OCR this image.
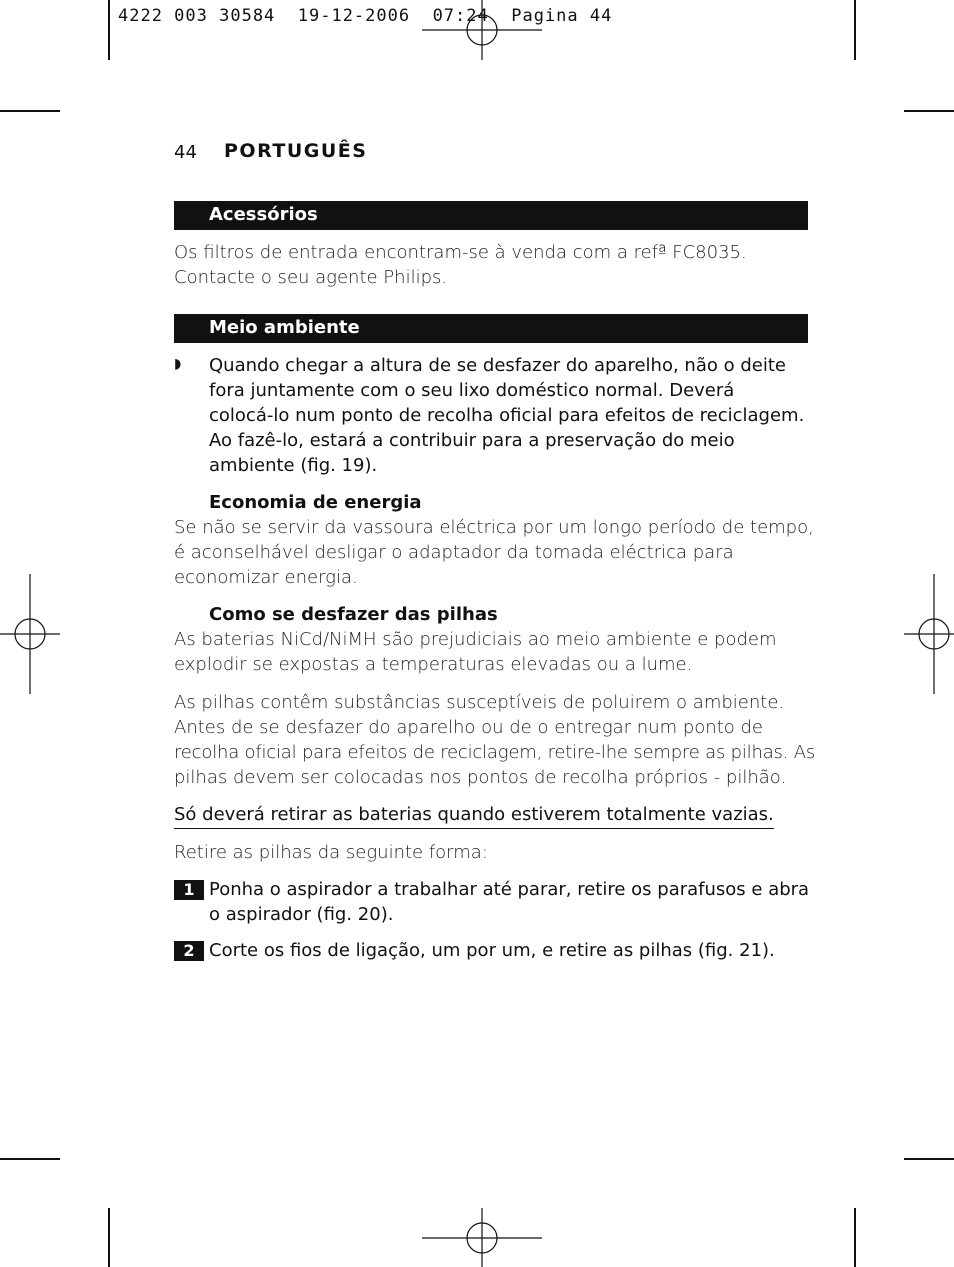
4222 003 30584  19-12-2006  07:24  Pagina 44
44 PORTUGUÊS
Acessórios
Os filtros de entrada encontram-se à venda com a refª FC8035.
Contacte o seu agente Philips.
Meio ambiente
◗ Quando chegar a altura de se desfazer do aparelho, não o deite
fora juntamente com o seu lixo doméstico normal. Deverá
colocá-lo num ponto de recolha oficial para efeitos de reciclagem.
Ao fazê-lo, estará a contribuir para a preservação do meio
ambiente (fig. 19).
Economia de energia
Se não se servir da vassoura eléctrica por um longo período de tempo,
é aconselhável desligar o adaptador da tomada eléctrica para
economizar energia.
Como se desfazer das pilhas
As baterias NiCd/NiMH são prejudiciais ao meio ambiente e podem
explodir se expostas a temperaturas elevadas ou a lume.
As pilhas contêm substâncias susceptíveis de poluirem o ambiente.
Antes de se desfazer do aparelho ou de o entregar num ponto de
recolha oficial para efeitos de reciclagem, retire-lhe sempre as pilhas. As
pilhas devem ser colocadas nos pontos de recolha próprios - pilhão.
Só deverá retirar as baterias quando estiverem totalmente vazias.
Retire as pilhas da seguinte forma:
1 Ponha o aspirador a trabalhar até parar, retire os parafusos e abra
o aspirador (fig. 20).
2 Corte os fios de ligação, um por um, e retire as pilhas (fig. 21).
